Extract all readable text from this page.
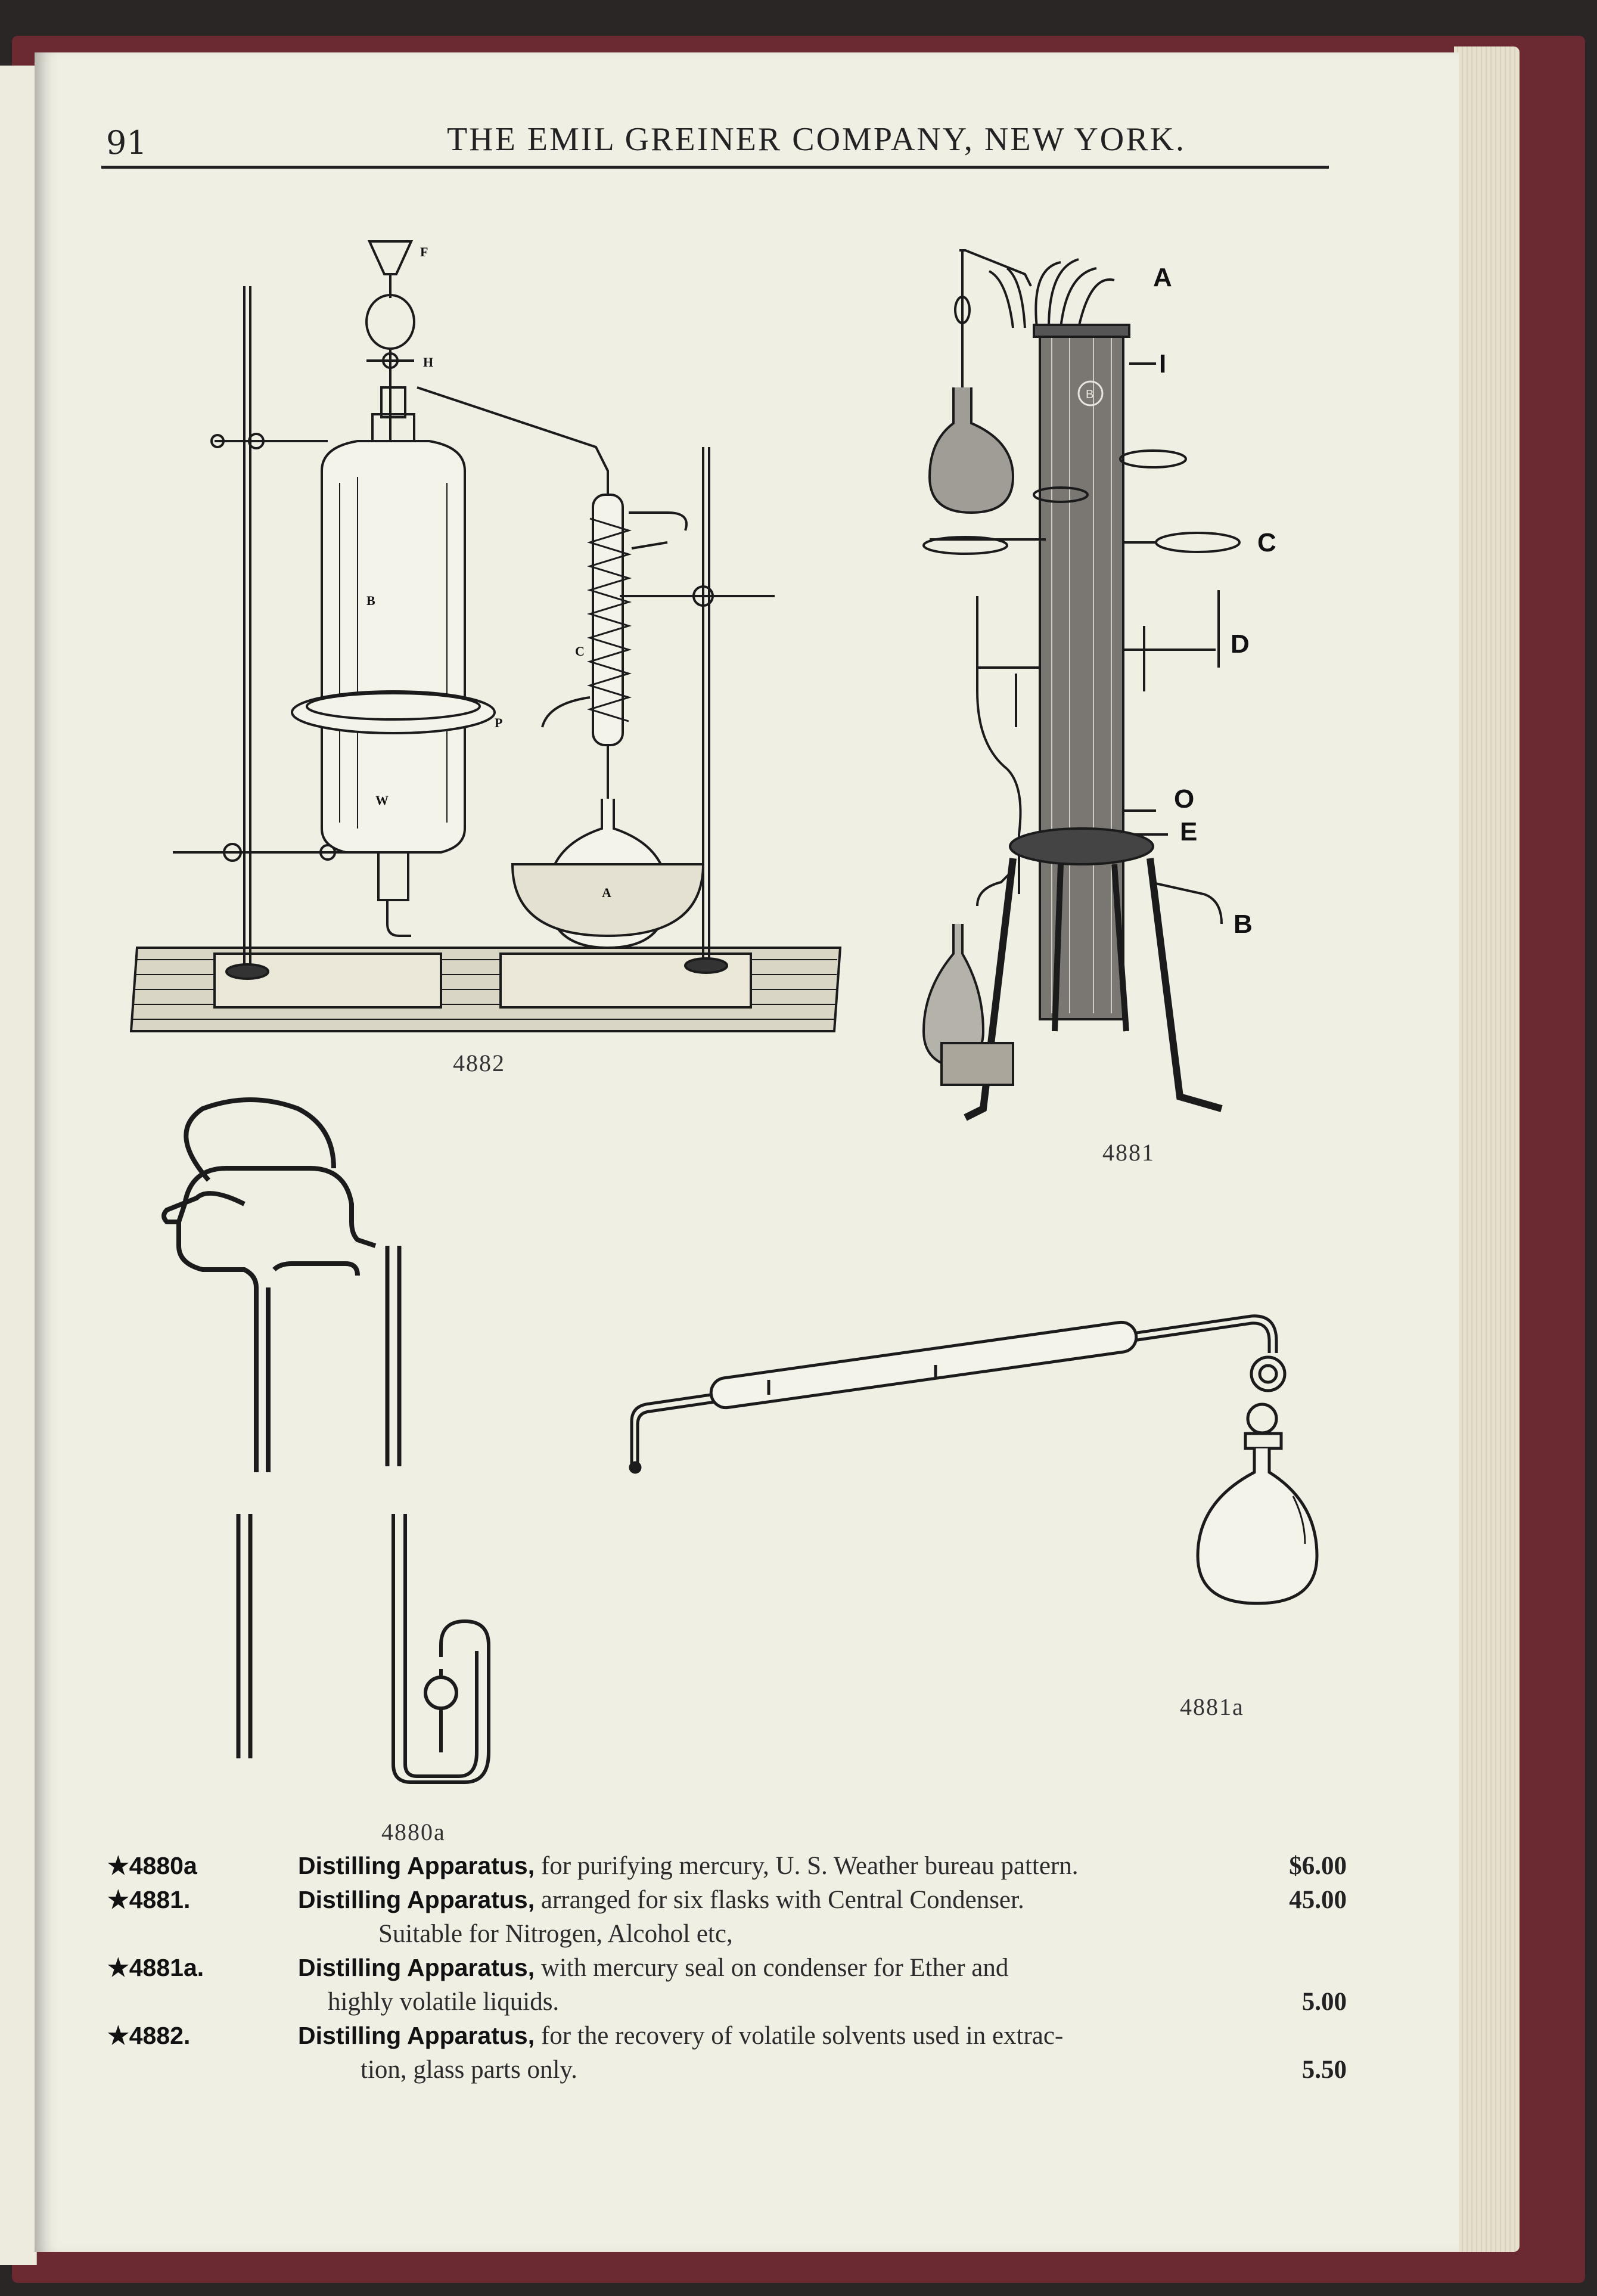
91	THE EMIL GREINER COMPANY, NEW YORK.
F
H
B
P
W
C
A
4882
A
I
C
D
O
E
B
B
4881
4880a
4881a
★4880a	Distilling Apparatus, for purifying mercury, U. S. Weather bureau pattern.	$6.00
★4881.	Distilling Apparatus, arranged for six flasks with Central Condenser.	45.00
Suitable for Nitrogen, Alcohol etc,
★4881a.	Distilling Apparatus, with mercury seal on condenser for Ether and
highly volatile liquids.	5.00
★4882.	Distilling Apparatus, for the recovery of volatile solvents used in extrac-
tion, glass parts only.	5.50
